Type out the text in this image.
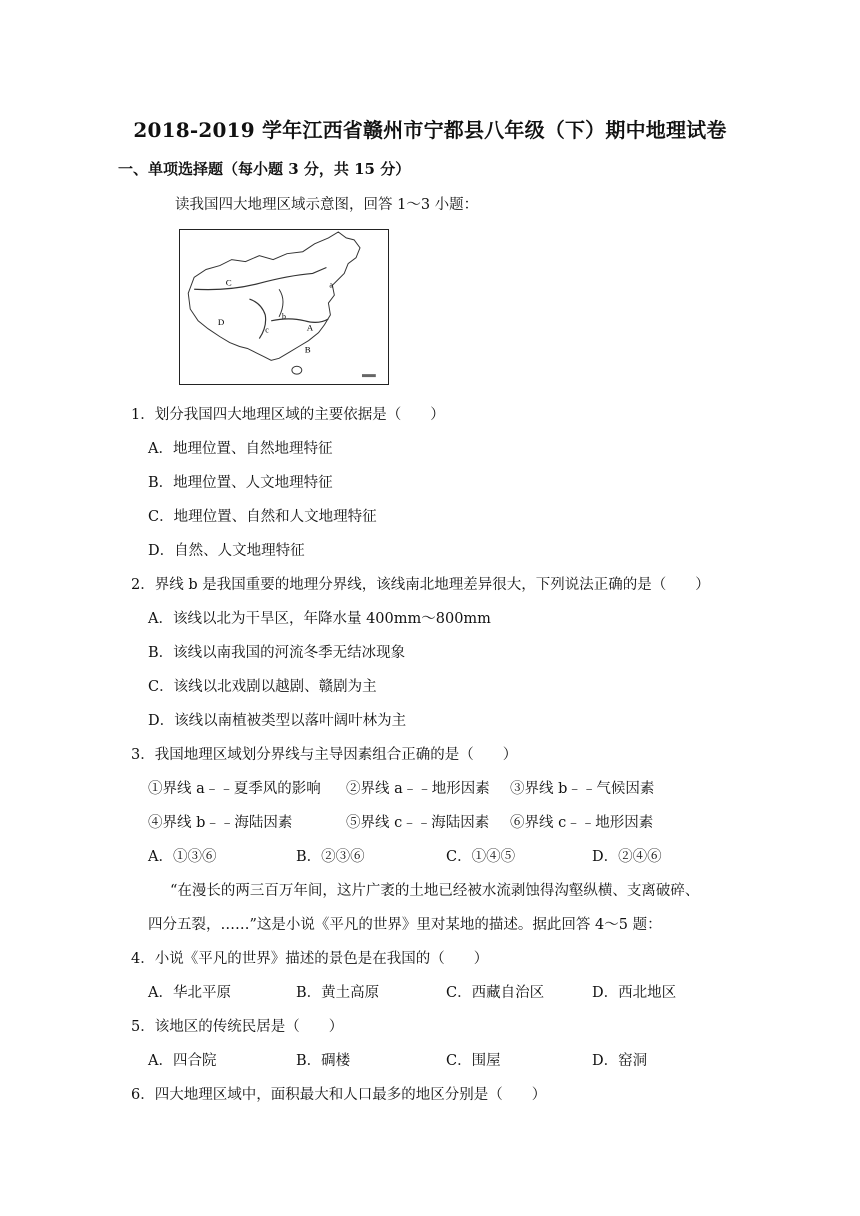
2018-2019 学年江西省赣州市宁都县八年级（下）期中地理试卷
一、单项选择题（每小题 3 分，共 15 分）
读我国四大地理区域示意图，回答 1～3 小题：
C	a
A
D
b
c
B
1．划分我国四大地理区域的主要依据是（　　）
A．地理位置、自然地理特征
B．地理位置、人文地理特征
C．地理位置、自然和人文地理特征
D．自然、人文地理特征
2．界线 b 是我国重要的地理分界线，该线南北地理差异很大，下列说法正确的是（　　）
A．该线以北为干旱区，年降水量 400mm～800mm
B．该线以南我国的河流冬季无结冰现象
C．该线以北戏剧以越剧、赣剧为主
D．该线以南植被类型以落叶阔叶林为主
3．我国地理区域划分界线与主导因素组合正确的是（　　）
①界线 a﹣﹣夏季风的影响 ②界线 a﹣﹣地形因素 ③界线 b﹣﹣气候因素
④界线 b﹣﹣海陆因素	⑤界线 c﹣﹣海陆因素 ⑥界线 c﹣﹣地形因素
A．①③⑥	B．②③⑥	C．①④⑤	D．②④⑥
“在漫长的两三百万年间，这片广袤的土地已经被水流剥蚀得沟壑纵横、支离破碎、
四分五裂，……”这是小说《平凡的世界》里对某地的描述。据此回答 4～5 题：
4．小说《平凡的世界》描述的景色是在我国的（　　）
A．华北平原	B．黄土高原	C．西藏自治区	D．西北地区
5．该地区的传统民居是（　　）
A．四合院	B．碉楼	C．围屋	D．窑洞
6．四大地理区域中，面积最大和人口最多的地区分别是（　　）
